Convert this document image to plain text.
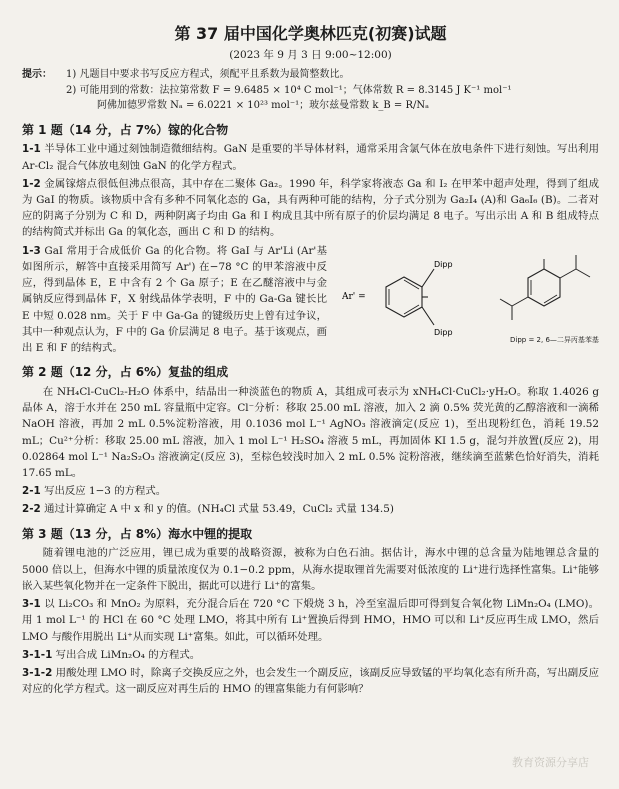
第 37 届中国化学奥林匹克(初赛)试题
(2023 年 9 月 3 日 9:00~12:00)
提示：	1) 凡题目中要求书写反应方程式，须配平且系数为最简整数比。
2) 可能用到的常数：法拉第常数 F = 9.6485 × 10⁴ C mol⁻¹；气体常数 R = 8.3145 J K⁻¹ mol⁻¹
阿佛加德罗常数 Nₐ = 6.0221 × 10²³ mol⁻¹；玻尔兹曼常数 k_B = R/Nₐ
第 1 题（14 分，占 7%）镓的化合物

1-1 半导体工业中通过刻蚀制造微细结构。GaN 是重要的半导体材料，通常采用含氯气体在放电条件下进行刻蚀。写出利用 Ar-Cl₂ 混合气体放电刻蚀 GaN 的化学方程式。

1-2 金属镓熔点很低但沸点很高，其中存在二聚体 Ga₂。1990 年，科学家将液态 Ga 和 I₂ 在甲苯中超声处理，得到了组成为 GaI 的物质。该物质中含有多种不同氧化态的 Ga，具有两种可能的结构，分子式分别为 Ga₂I₄ (A)和 Ga₆I₆ (B)。二者对应的阴离子分别为 C 和 D，两种阴离子均由 Ga 和 I 构成且其中所有原子的价层均满足 8 电子。写出示出 A 和 B 组成特点的结构简式并标出 Ga 的氧化态，画出 C 和 D 的结构。

1-3 GaI 常用于合成低价 Ga 的化合物。将 GaI 与 Ar'Li (Ar'基如图所示，解答中直接采用简写 Ar') 在−78 °C 的甲苯溶液中反应，得到晶体 E，E 中含有 2 个 Ga 原子；E 在乙醚溶液中与金属钠反应得到晶体 F，X 射线晶体学表明，F 中的 Ga-Ga 键长比 E 中短 0.028 nm。关于 F 中 Ga-Ga 的键级历史上曾有过争议，其中一种观点认为，F 中的 Ga 价层满足 8 电子。基于该观点，画出 E 和 F 的结构式。

Ar' =
Dipp
Dipp
Dipp = 2, 6—二异丙基苯基
第 2 题（12 分，占 6%）复盐的组成

在 NH₄Cl-CuCl₂-H₂O 体系中，结晶出一种淡蓝色的物质 A，其组成可表示为 xNH₄Cl·CuCl₂·yH₂O。称取 1.4026 g 晶体 A，溶于水并在 250 mL 容量瓶中定容。Cl⁻分析：移取 25.00 mL 溶液，加入 2 滴 0.5% 荧光黄的乙醇溶液和一滴稀 NaOH 溶液，再加 2 mL 0.5%淀粉溶液，用 0.1036 mol L⁻¹ AgNO₃ 溶液滴定(反应 1)，至出现粉红色，消耗 19.52 mL；Cu²⁺分析：移取 25.00 mL 溶液，加入 1 mol L⁻¹ H₂SO₄ 溶液 5 mL，再加固体 KI 1.5 g，混匀并放置(反应 2)，用 0.02864 mol L⁻¹ Na₂S₂O₃ 溶液滴定(反应 3)，至棕色较浅时加入 2 mL 0.5% 淀粉溶液，继续滴至蓝紫色恰好消失，消耗 17.65 mL。

2-1 写出反应 1−3 的方程式。

2-2 通过计算确定 A 中 x 和 y 的值。(NH₄Cl 式量 53.49，CuCl₂ 式量 134.5)

第 3 题（13 分，占 8%）海水中锂的提取

随着锂电池的广泛应用，锂已成为重要的战略资源，被称为白色石油。据估计，海水中锂的总含量为陆地锂总含量的 5000 倍以上，但海水中锂的质量浓度仅为 0.1−0.2 ppm，从海水提取锂首先需要对低浓度的 Li⁺进行选择性富集。Li⁺能够嵌入某些氧化物并在一定条件下脱出，据此可以进行 Li⁺的富集。

3-1 以 Li₂CO₃ 和 MnO₂ 为原料，充分混合后在 720 °C 下煅烧 3 h，冷至室温后即可得到复合氧化物 LiMn₂O₄ (LMO)。用 1 mol L⁻¹ 的 HCl 在 60 °C 处理 LMO，将其中所有 Li⁺置换后得到 HMO，HMO 可以和 Li⁺反应再生成 LMO，然后 LMO 与酸作用脱出 Li⁺从而实现 Li⁺富集。如此，可以循环处理。

3-1-1 写出合成 LiMn₂O₄ 的方程式。

3-1-2 用酸处理 LMO 时，除离子交换反应之外，也会发生一个副反应，该副反应导致锰的平均氧化态有所升高，写出副反应对应的化学方程式。这一副反应对再生后的 HMO 的锂富集能力有何影响？

教育资源分享店
